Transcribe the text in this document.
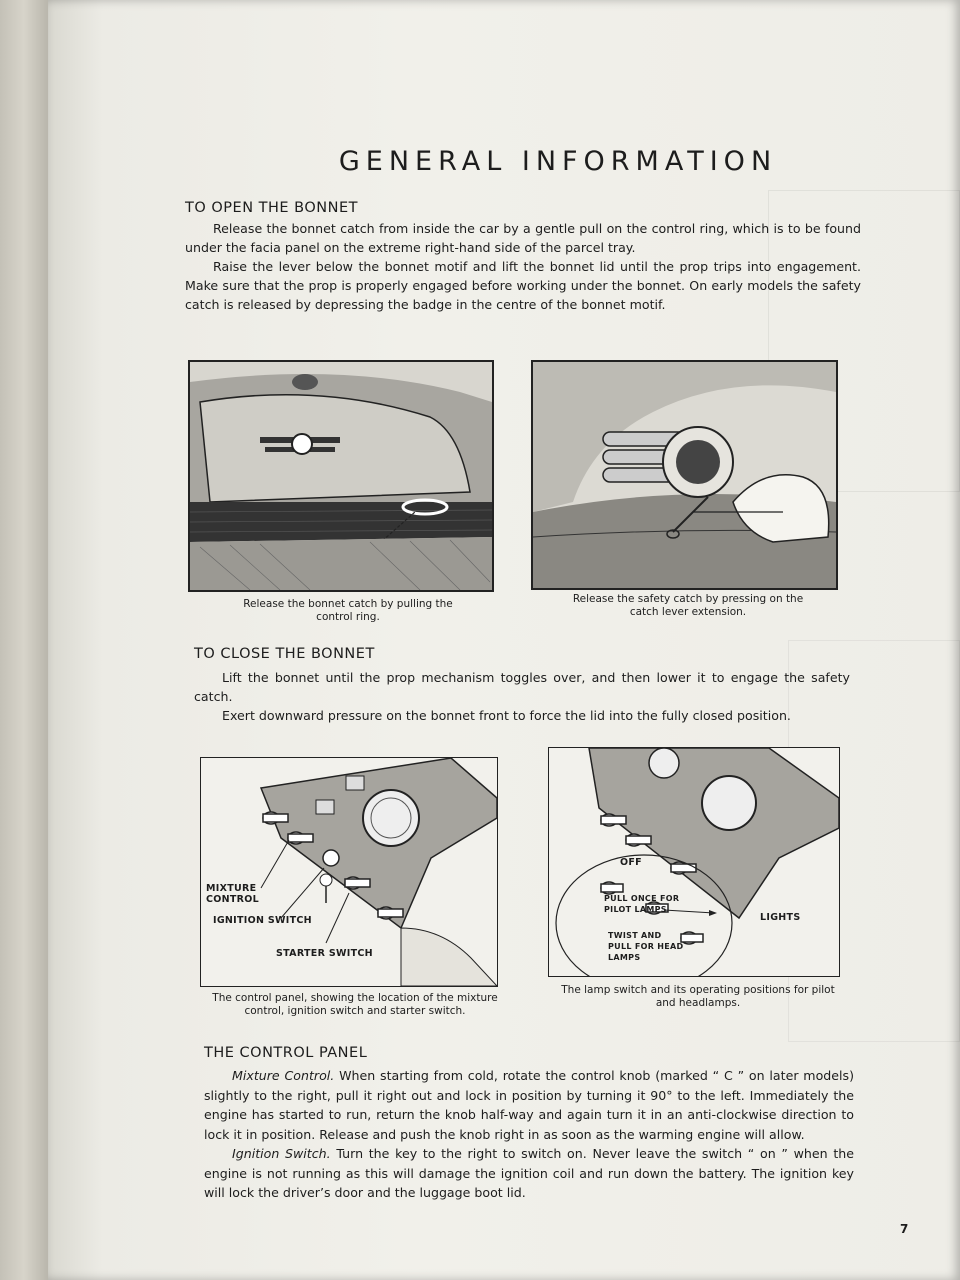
GENERAL INFORMATION
TO OPEN THE BONNET

Release the bonnet catch from inside the car by a gentle pull on the control ring, which is to be found under the facia panel on the extreme right-hand side of the parcel tray.

Raise the lever below the bonnet motif and lift the bonnet lid until the prop trips into engagement. Make sure that the prop is properly engaged before working under the bonnet. On early models the safety catch is released by depressing the badge in the centre of the bonnet motif.

Release the bonnet catch by pulling the control ring.
Release the safety catch by pressing on the catch lever extension.
TO CLOSE THE BONNET

Lift the bonnet until the prop mechanism toggles over, and then lower it to engage the safety catch.

Exert downward pressure on the bonnet front to force the lid into the fully closed position.

MIXTURE CONTROL
IGNITION SWITCH
STARTER SWITCH
The control panel, showing the location of the mixture control, ignition switch and starter switch.
OFF
PULL ONCE FOR PILOT LAMPS
LIGHTS
TWIST AND PULL FOR HEAD LAMPS
The lamp switch and its operating positions for pilot and headlamps.
THE CONTROL PANEL

Mixture Control. When starting from cold, rotate the control knob (marked “ C ” on later models) slightly to the right, pull it right out and lock in position by turning it 90° to the left. Immediately the engine has started to run, return the knob half-way and again turn it in an anti-clockwise direction to lock it in position. Release and push the knob right in as soon as the warming engine will allow.

Ignition Switch. Turn the key to the right to switch on. Never leave the switch “ on ” when the engine is not running as this will damage the ignition coil and run down the battery. The ignition key will lock the driver’s door and the luggage boot lid.

7
